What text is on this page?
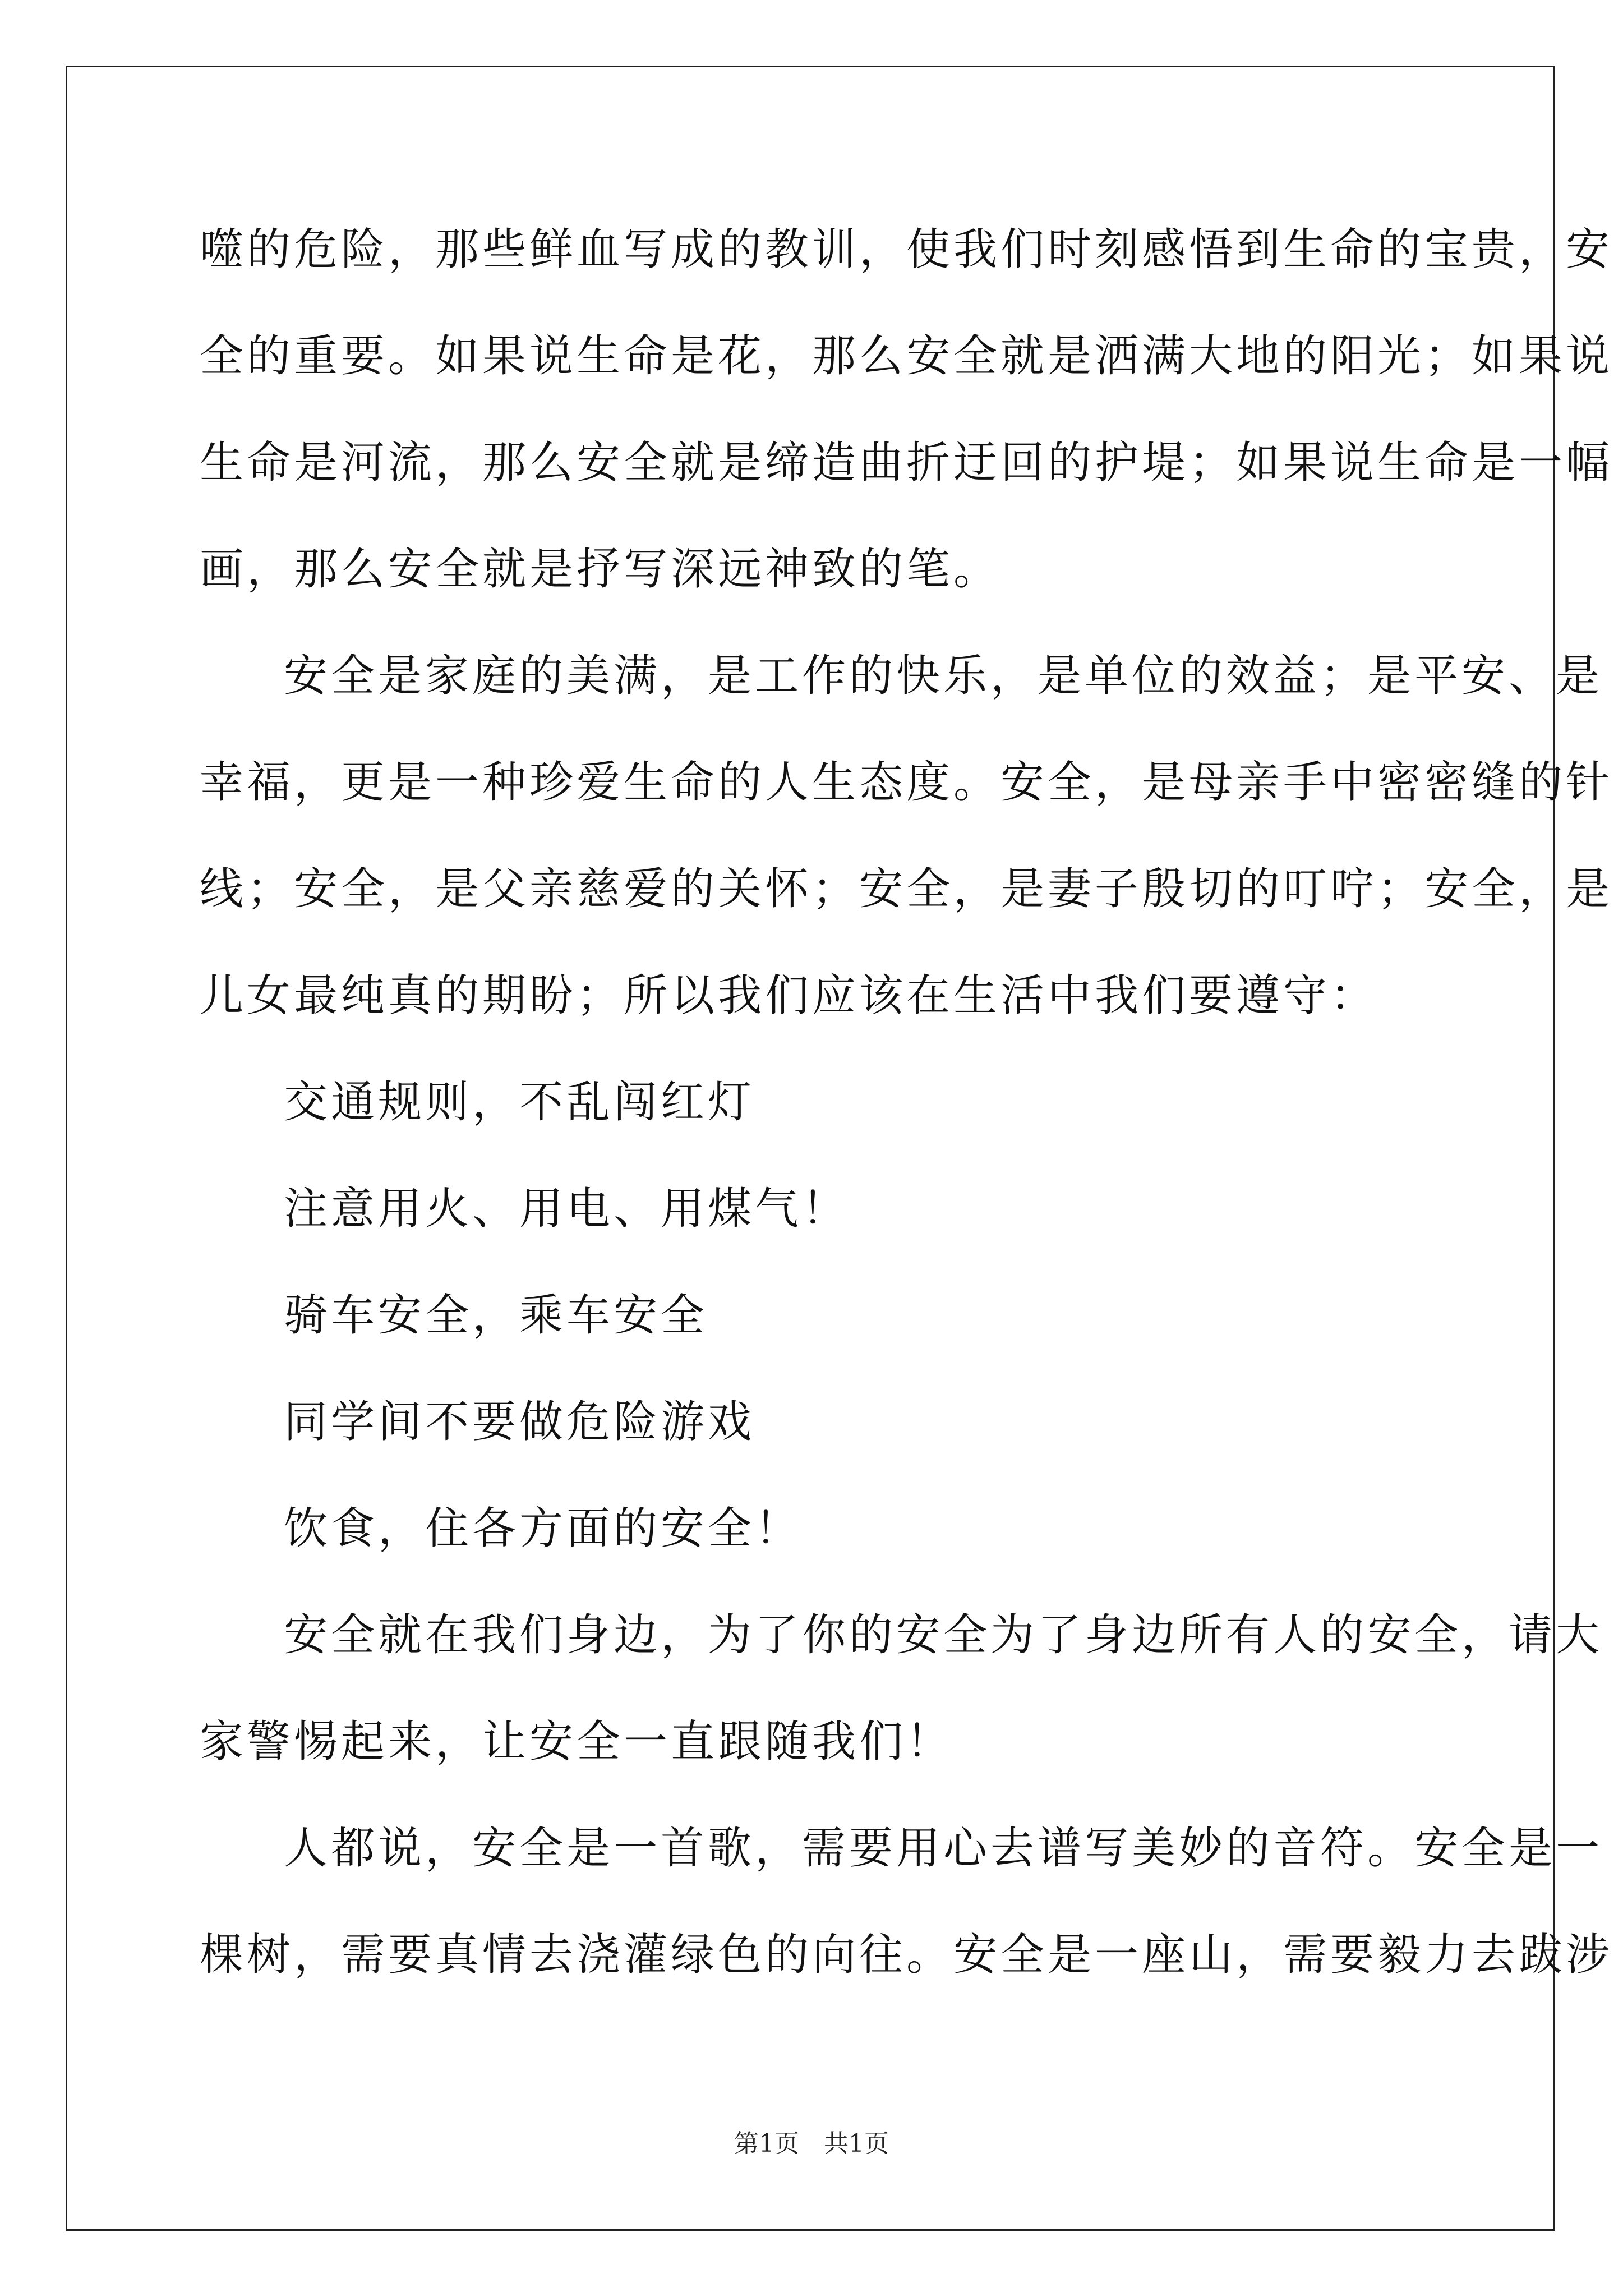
噬的危险，那些鲜血写成的教训，使我们时刻感悟到生命的宝贵，安
全的重要。如果说生命是花，那么安全就是洒满大地的阳光；如果说
生命是河流，那么安全就是缔造曲折迂回的护堤；如果说生命是一幅
画，那么安全就是抒写深远神致的笔。
安全是家庭的美满，是工作的快乐，是单位的效益；是平安、是
幸福，更是一种珍爱生命的人生态度。安全，是母亲手中密密缝的针
线；安全，是父亲慈爱的关怀；安全，是妻子殷切的叮咛；安全，是
儿女最纯真的期盼；所以我们应该在生活中我们要遵守：
交通规则，不乱闯红灯
注意用火、用电、用煤气！
骑车安全，乘车安全
同学间不要做危险游戏
饮食，住各方面的安全！
安全就在我们身边，为了你的安全为了身边所有人的安全，请大
家警惕起来，让安全一直跟随我们！
人都说，安全是一首歌，需要用心去谱写美妙的音符。安全是一
棵树，需要真情去浇灌绿色的向往。安全是一座山，需要毅力去跋涉
第1页　共1页
